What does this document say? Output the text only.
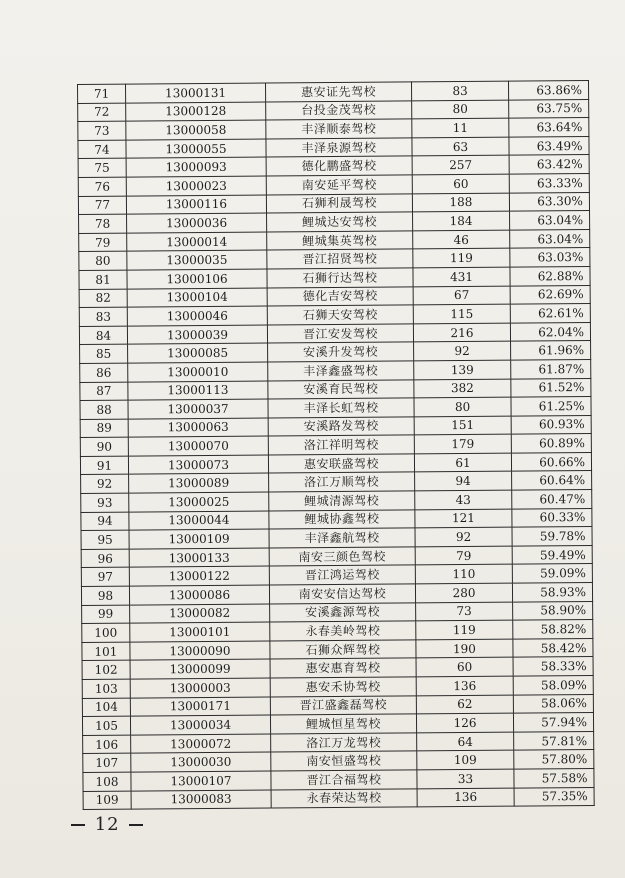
71	13000131	惠安证先驾校	83	63.86%
72	13000128	台投金茂驾校	80	63.75%
73	13000058	丰泽顺泰驾校	11	63.64%
74	13000055	丰泽泉源驾校	63	63.49%
75	13000093	德化鹏盛驾校	257	63.42%
76	13000023	南安延平驾校	60	63.33%
77	13000116	石狮利晟驾校	188	63.30%
78	13000036	鲤城达安驾校	184	63.04%
79	13000014	鲤城集英驾校	46	63.04%
80	13000035	晋江招贤驾校	119	63.03%
81	13000106	石狮行达驾校	431	62.88%
82	13000104	德化吉安驾校	67	62.69%
83	13000046	石狮天安驾校	115	62.61%
84	13000039	晋江安发驾校	216	62.04%
85	13000085	安溪升发驾校	92	61.96%
86	13000010	丰泽鑫盛驾校	139	61.87%
87	13000113	安溪育民驾校	382	61.52%
88	13000037	丰泽长虹驾校	80	61.25%
89	13000063	安溪路发驾校	151	60.93%
90	13000070	洛江祥明驾校	179	60.89%
91	13000073	惠安联盛驾校	61	60.66%
92	13000089	洛江万顺驾校	94	60.64%
93	13000025	鲤城清源驾校	43	60.47%
94	13000044	鲤城协鑫驾校	121	60.33%
95	13000109	丰泽鑫航驾校	92	59.78%
96	13000133	南安三颜色驾校	79	59.49%
97	13000122	晋江鸿运驾校	110	59.09%
98	13000086	南安安信达驾校	280	58.93%
99	13000082	安溪鑫源驾校	73	58.90%
100	13000101	永春美岭驾校	119	58.82%
101	13000090	石狮众辉驾校	190	58.42%
102	13000099	惠安惠育驾校	60	58.33%
103	13000003	惠安禾协驾校	136	58.09%
104	13000171	晋江盛鑫磊驾校	62	58.06%
105	13000034	鲤城恒星驾校	126	57.94%
106	13000072	洛江万龙驾校	64	57.81%
107	13000030	南安恒盛驾校	109	57.80%
108	13000107	晋江合福驾校	33	57.58%
109	13000083	永春荣达驾校	136	57.35%
12
